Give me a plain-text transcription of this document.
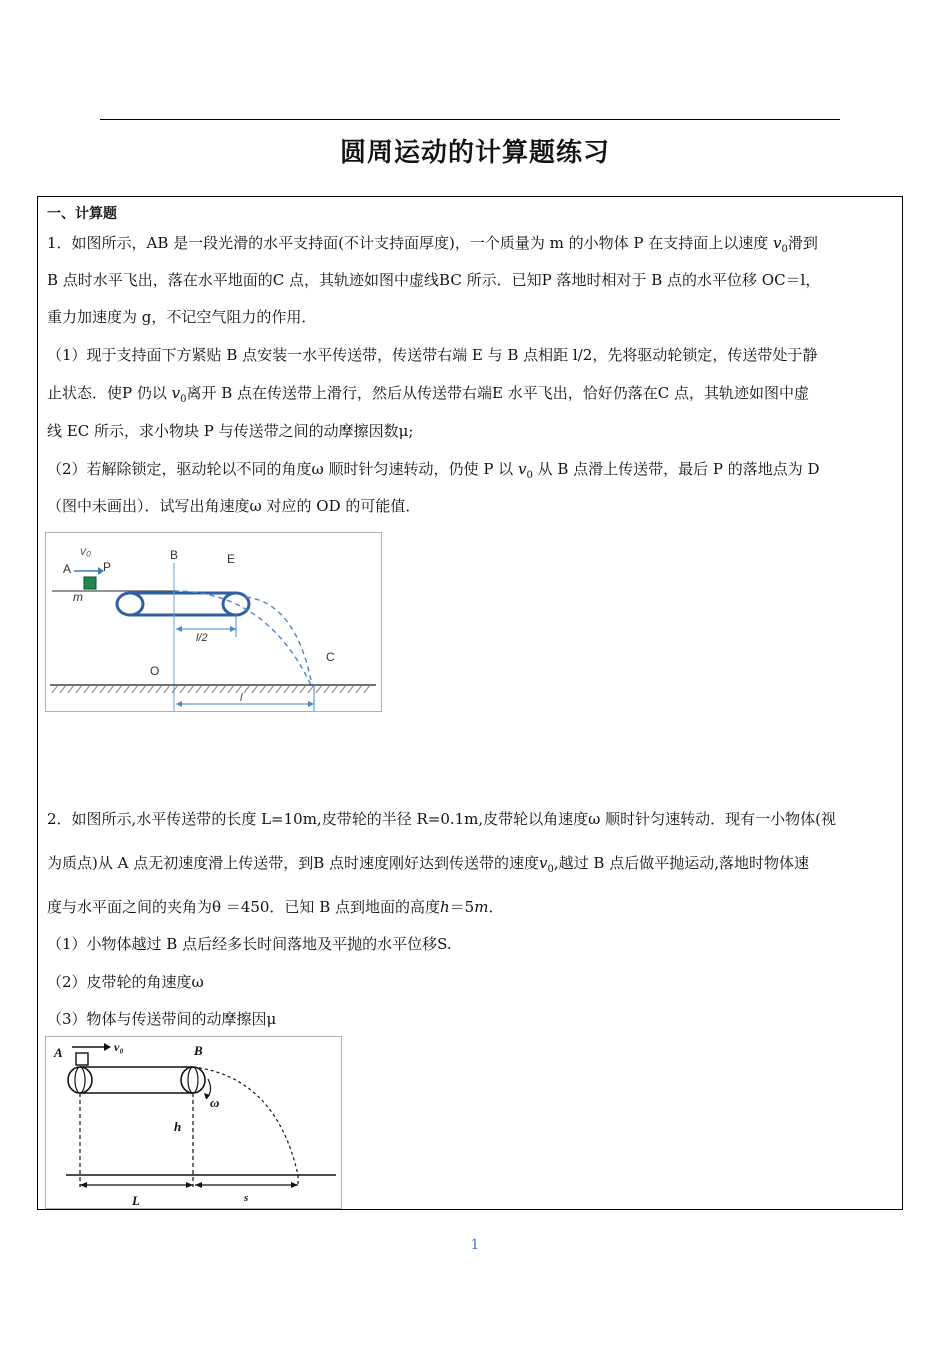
圆周运动的计算题练习
一、计算题
1．如图所示，AB 是一段光滑的水平支持面(不计支持面厚度)，一个质量为 m 的小物体 P 在支持面上以速度 $v_0$滑到
B 点时水平飞出，落在水平地面的C 点，其轨迹如图中虚线BC 所示．已知P 落地时相对于 B 点的水平位移 OC＝l，
重力加速度为 g，不记空气阻力的作用．
（1）现于支持面下方紧贴 B 点安装一水平传送带，传送带右端 E 与 B 点相距 l/2，先将驱动轮锁定，传送带处于静
止状态．使P 仍以 $v_0$离开 B 点在传送带上滑行，然后从传送带右端E 水平飞出，恰好仍落在C 点，其轨迹如图中虚
线 EC 所示，求小物块 P 与传送带之间的动摩擦因数μ;
（2）若解除锁定，驱动轮以不同的角度ω 顺时针匀速转动，仍使 P 以 $v_0$ 从 B 点滑上传送带，最后 P 的落地点为 D
（图中未画出）．试写出角速度ω 对应的 OD 的可能值．
v₀
A	P
m
B	E
l/2
O
C
l
2．如图所示,水平传送带的长度 L=10m,皮带轮的半径 R=0.1m,皮带轮以角速度ω 顺时针匀速转动．现有一小物体(视
为质点)从 A 点无初速度滑上传送带，到B 点时速度刚好达到传送带的速度$v_0$,越过 B 点后做平抛运动,落地时物体速
度与水平面之间的夹角为θ ＝450．已知 B 点到地面的高度h＝5m．
（1）小物体越过 B 点后经多长时间落地及平抛的水平位移S.
（2）皮带轮的角速度ω
（3）物体与传送带间的动摩擦因μ
A	v₀	B
ω
h
L	s
1
